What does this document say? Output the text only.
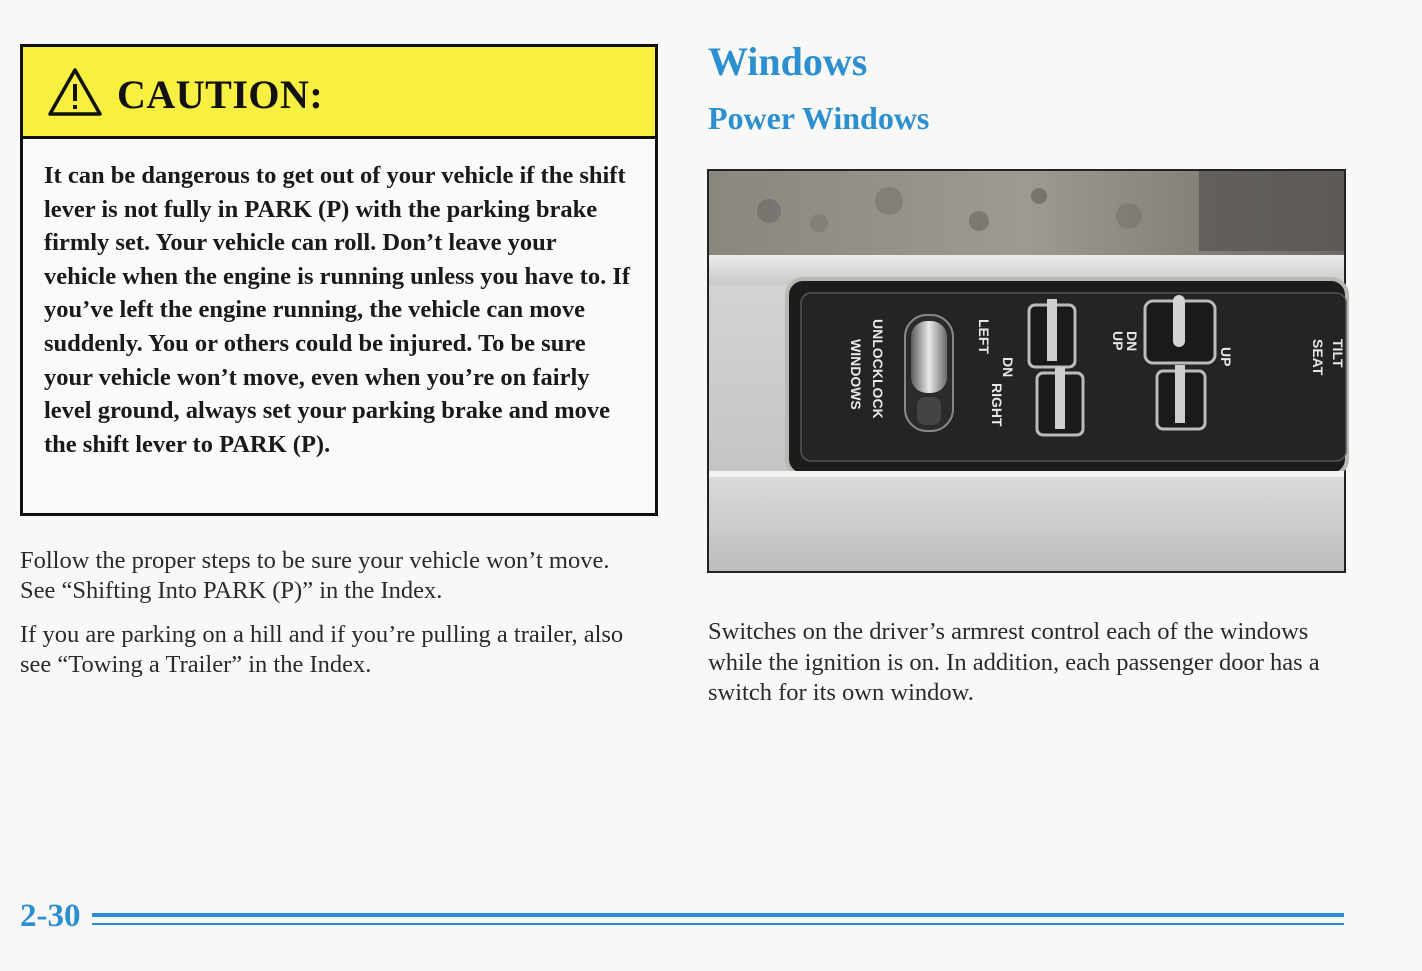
CAUTION:
It can be dangerous to get out of your vehicle if the shift lever is not fully in PARK (P) with the parking brake firmly set. Your vehicle can roll. Don’t leave your vehicle when the engine is running unless you have to. If you’ve left the engine running, the vehicle can move suddenly. You or others could be injured. To be sure your vehicle won’t move, even when you’re on fairly level ground, always set your parking brake and move the shift lever to PARK (P).
Follow the proper steps to be sure your vehicle won’t move. See “Shifting Into PARK (P)” in the Index.
If you are parking on a hill and if you’re pulling a trailer, also see “Towing a Trailer” in the Index.
Windows
Power Windows
WINDOWS UNLOCK
LOCK
LEFT
DN
RIGHT
DN
UP
UP	TILT
SEAT
Switches on the driver’s armrest control each of the windows while the ignition is on. In addition, each passenger door has a switch for its own window.
2-30
